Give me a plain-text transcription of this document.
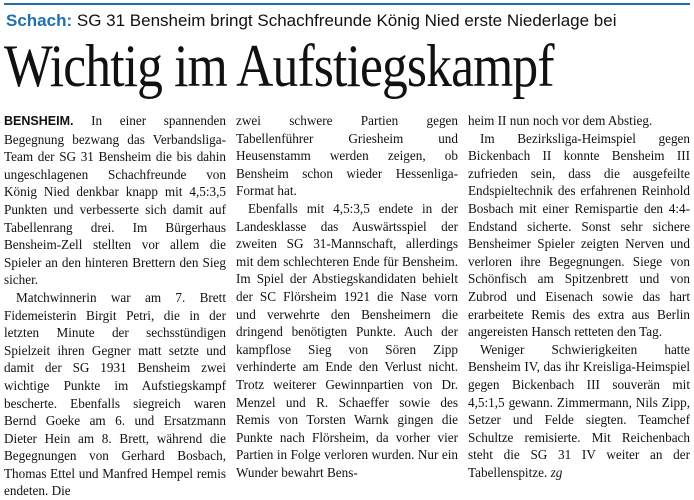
Schach: SG 31 Bensheim bringt Schachfreunde König Nied erste Niederlage bei
Wichtig im Aufstiegskampf

BENSHEIM. In einer spannenden Begegnung bezwang das Verbandsliga-Team der SG 31 Bensheim die bis dahin ungeschlagenen Schachfreunde von König Nied denkbar knapp mit 4,5:3,5 Punkten und verbesserte sich damit auf Tabellenrang drei. Im Bürgerhaus Bensheim-Zell stellten vor allem die Spieler an den hinteren Brettern den Sieg sicher.

Matchwinnerin war am 7. Brett Fidemeisterin Birgit Petri, die in der letzten Minute der sechsstündigen Spielzeit ihren Gegner matt setzte und damit der SG 1931 Bensheim zwei wichtige Punkte im Aufstiegskampf bescherte. Ebenfalls siegreich waren Bernd Goeke am 6. und Ersatzmann Dieter Hein am 8. Brett, während die Begegnungen von Gerhard Bosbach, Thomas Ettel und Manfred Hempel remis endeten. Die

zwei schwere Partien gegen Tabellenführer Griesheim und Heusenstamm werden zeigen, ob Bensheim schon wieder Hessenliga-Format hat.

Ebenfalls mit 4,5:3,5 endete in der Landesklasse das Auswärtsspiel der zweiten SG 31-Mannschaft, allerdings mit dem schlechteren Ende für Bensheim. Im Spiel der Abstiegskandidaten behielt der SC Flörsheim 1921 die Nase vorn und verwehrte den Bensheimern die dringend benötigten Punkte. Auch der kampflose Sieg von Sören Zipp verhinderte am Ende den Verlust nicht. Trotz weiterer Gewinnpartien von Dr. Menzel und R. Schaeffer sowie des Remis von Torsten Warnk gingen die Punkte nach Flörsheim, da vorher vier Partien in Folge verloren wurden. Nur ein Wunder bewahrt Bens-

heim II nun noch vor dem Abstieg.

Im Bezirksliga-Heimspiel gegen Bickenbach II konnte Bensheim III zufrieden sein, dass die ausgefeilte Endspieltechnik des erfahrenen Reinhold Bosbach mit einer Remispartie den 4:4-Endstand sicherte. Sonst sehr sichere Bensheimer Spieler zeigten Nerven und verloren ihre Begegnungen. Siege von Schönfisch am Spitzenbrett und von Zubrod und Eisenach sowie das hart erarbeitete Remis des extra aus Berlin angereisten Hansch retteten den Tag.

Weniger Schwierigkeiten hatte Bensheim IV, das ihr Kreisliga-Heimspiel gegen Bickenbach III souverän mit 4,5:1,5 gewann. Zimmermann, Nils Zipp, Setzer und Felde siegten. Teamchef Schultze remisierte. Mit Reichenbach steht die SG 31 IV weiter an der Tabellenspitze. zg
